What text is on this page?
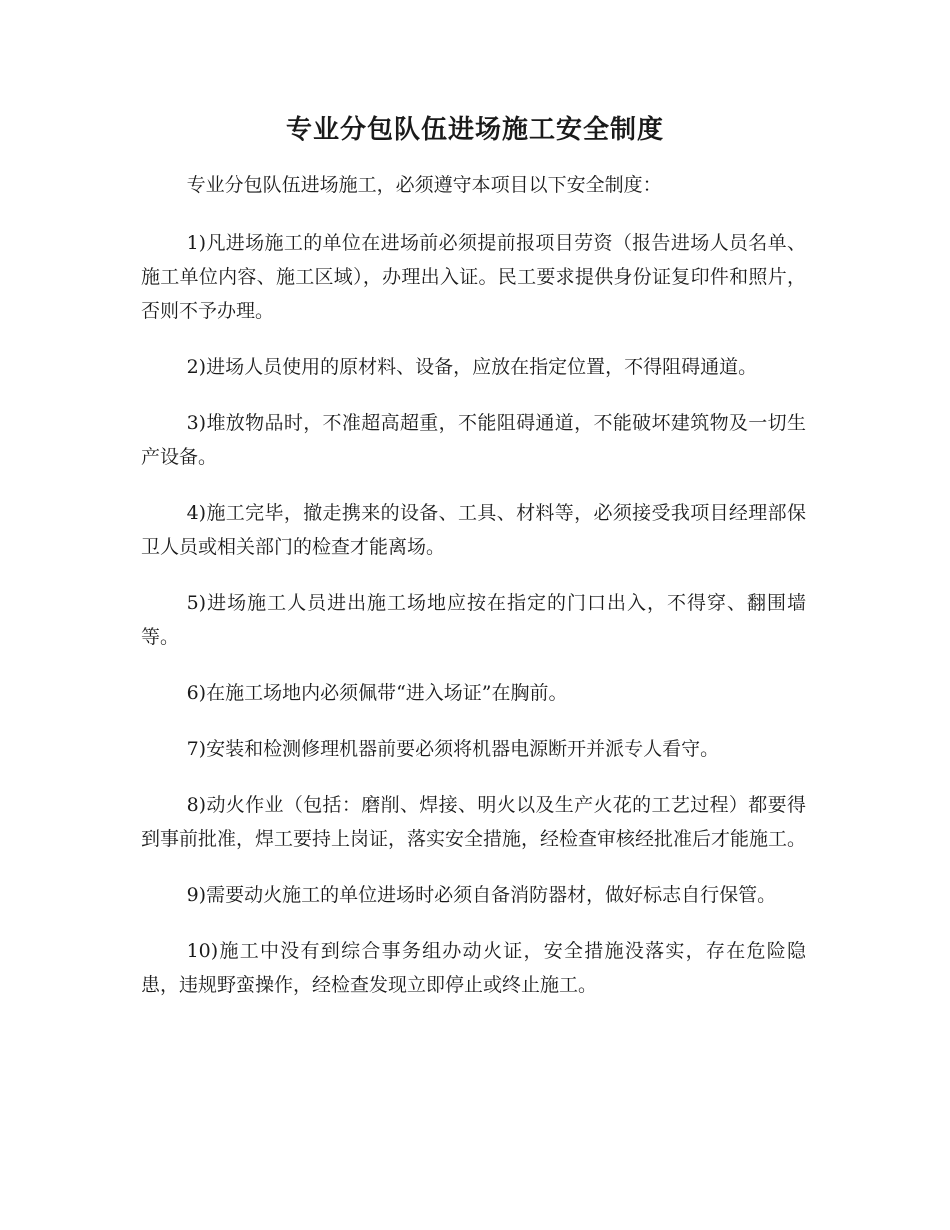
专业分包队伍进场施工安全制度

专业分包队伍进场施工，必须遵守本项目以下安全制度：

1)凡进场施工的单位在进场前必须提前报项目劳资（报告进场人员名单、施工单位内容、施工区域），办理出入证。民工要求提供身份证复印件和照片，否则不予办理。

2)进场人员使用的原材料、设备，应放在指定位置，不得阻碍通道。

3)堆放物品时，不准超高超重，不能阻碍通道，不能破坏建筑物及一切生产设备。

4)施工完毕，撤走携来的设备、工具、材料等，必须接受我项目经理部保卫人员或相关部门的检查才能离场。

5)进场施工人员进出施工场地应按在指定的门口出入，不得穿、翻围墙等。

6)在施工场地内必须佩带“进入场证”在胸前。

7)安装和检测修理机器前要必须将机器电源断开并派专人看守。

8)动火作业（包括：磨削、焊接、明火以及生产火花的工艺过程）都要得到事前批准，焊工要持上岗证，落实安全措施，经检查审核经批准后才能施工。

9)需要动火施工的单位进场时必须自备消防器材，做好标志自行保管。

10)施工中没有到综合事务组办动火证，安全措施没落实，存在危险隐患，违规野蛮操作，经检查发现立即停止或终止施工。
